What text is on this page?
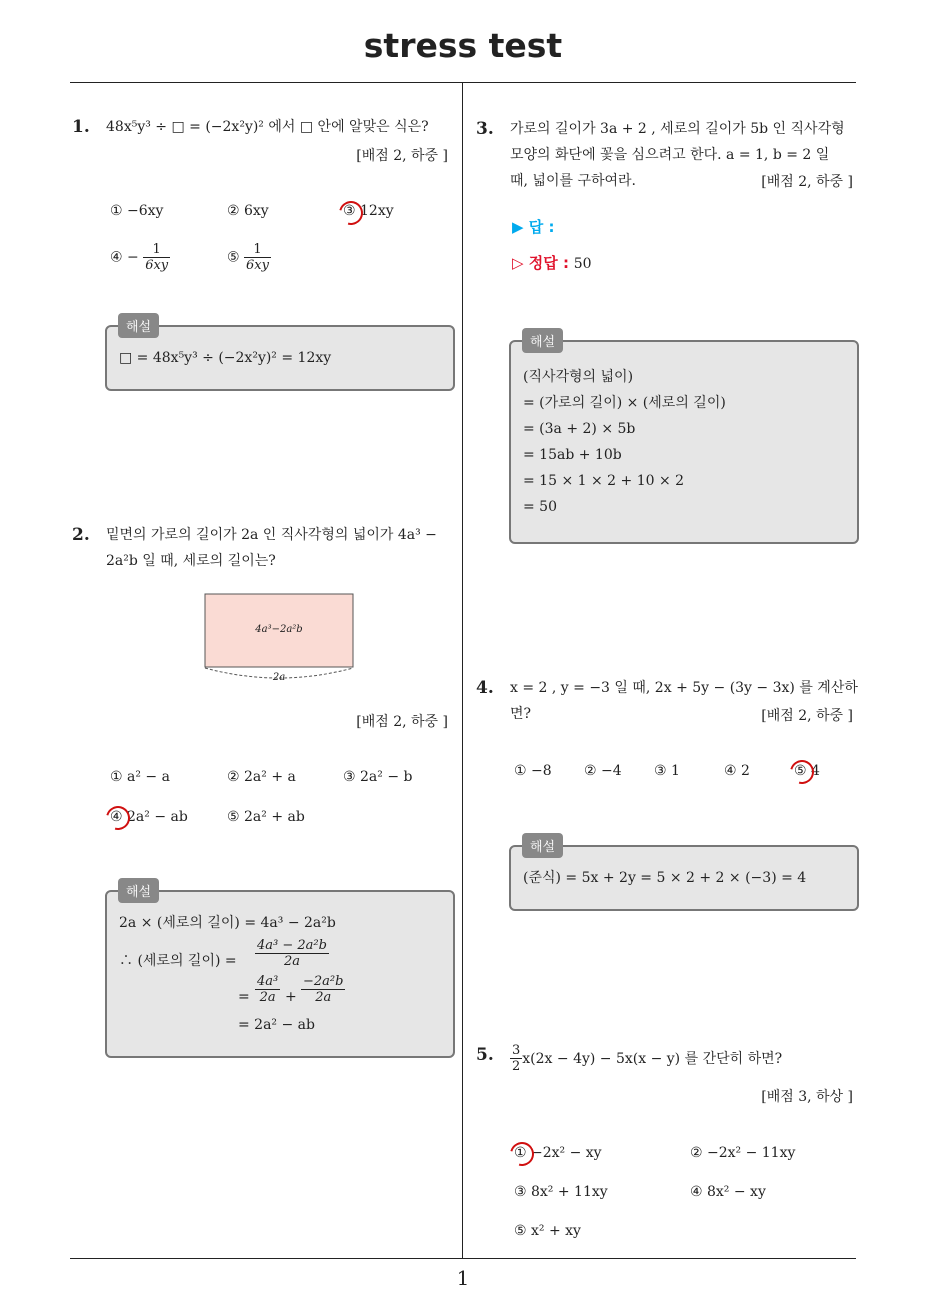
stress test
1
1. 48x⁵y³ ÷ □ = (−2x²y)² 에서 □ 안에 알맞은 식은?
[배점 2, 하중 ]
① −6xy	② 6xy	③ 12xy
④ − $\frac{1}{6xy}$	⑤ $\frac{1}{6xy}$
□ = 48x⁵y³ ÷ (−2x²y)² = 12xy
해설
2. 밑면의 가로의 길이가 2a 인 직사각형의 넓이가 4a³ −
2a²b 일 때, 세로의 길이는?
4a³−2a²b
2a
[배점 2, 하중 ]
① a² − a	② 2a² + a	③ 2a² − b
④ 2a² − ab	⑤ 2a² + ab
2a × (세로의 길이) = 4a³ − 2a²b
∴ (세로의 길이) = $\frac{\text{4a³ − 2a²b}}{2a}$
= $\frac{\text{4a³}}{2a} + \frac{\text{−2a²b}}{2a}$
= 2a² − ab
해설
3. 가로의 길이가 3a + 2 , 세로의 길이가 5b 인 직사각형
모양의 화단에 꽃을 심으려고 한다. a = 1, b = 2 일
때, 넓이를 구하여라.	[배점 2, 하중 ]
▶ 답 :
▷ 정답 : 50
(직사각형의 넓이)
= (가로의 길이) × (세로의 길이)
= (3a + 2) × 5b
= 15ab + 10b
= 15 × 1 × 2 + 10 × 2
= 50
해설
4. x = 2 , y = −3 일 때, 2x + 5y − (3y − 3x) 를 계산하
면?	[배점 2, 하중 ]
① −8 ② −4 ③ 1	④ 2	⑤ 4
(준식) = 5x + 2y = 5 × 2 + 2 × (−3) = 4
해설
5. $\frac{3}{2} x(2x - 4y) - 5x(x - y)$ 를 간단히 하면?
[배점 3, 하상 ]
① −2x² − xy	② −2x² − 11xy
③ 8x² + 11xy	④ 8x² − xy
⑤ x² + xy
